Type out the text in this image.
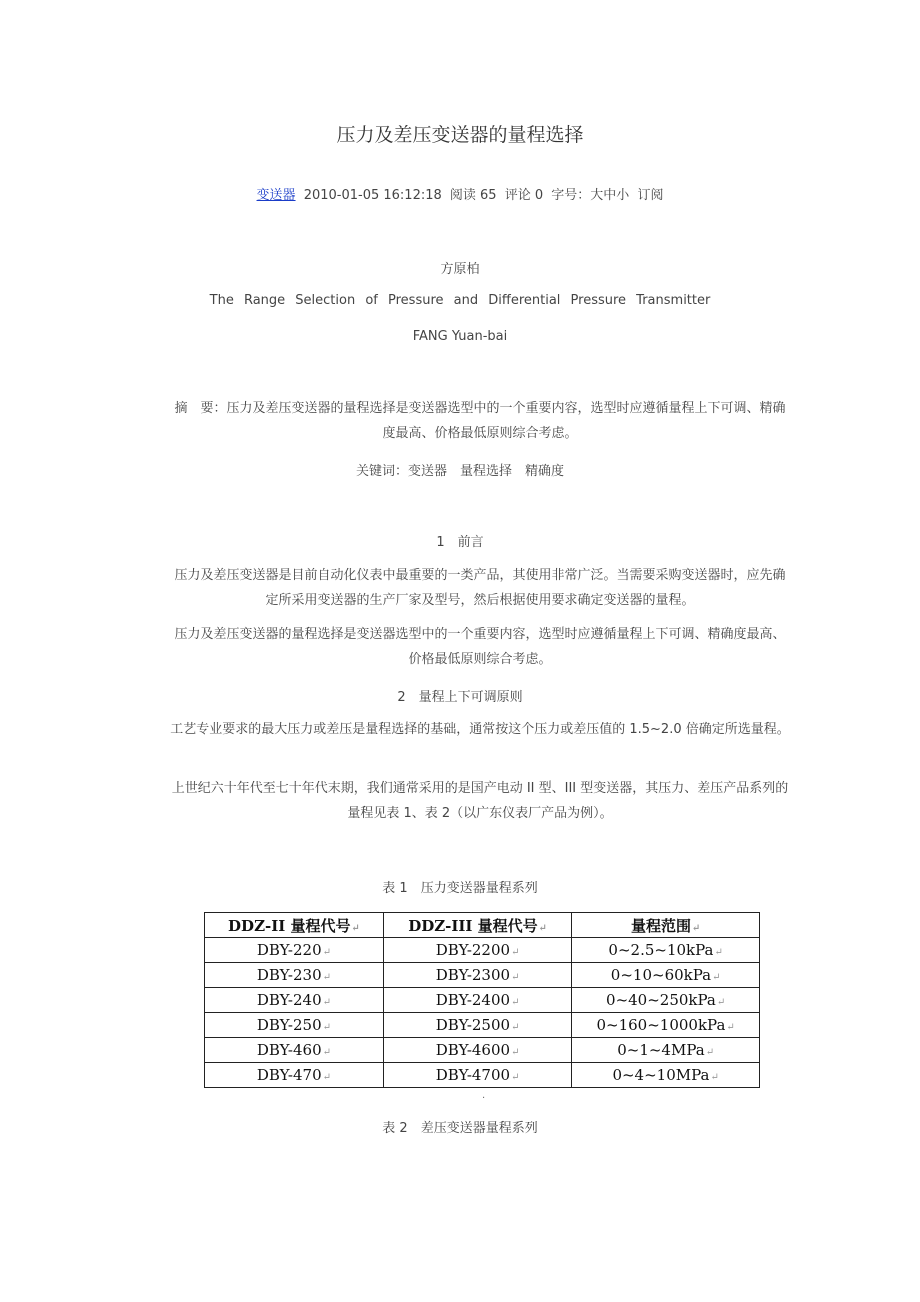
压力及差压变送器的量程选择
变送器 2010-01-05 16:12:18 阅读 65 评论 0 字号：大中小 订阅
方原柏
The Range Selection of Pressure and Differential Pressure Transmitter
FANG Yuan-bai
摘　要：压力及差压变送器的量程选择是变送器选型中的一个重要内容，选型时应遵循量程上下可调、精确度最高、价格最低原则综合考虑。
关键词：变送器　量程选择　精确度
1　前言
压力及差压变送器是目前自动化仪表中最重要的一类产品，其使用非常广泛。当需要采购变送器时，应先确定所采用变送器的生产厂家及型号，然后根据使用要求确定变送器的量程。
压力及差压变送器的量程选择是变送器选型中的一个重要内容，选型时应遵循量程上下可调、精确度最高、价格最低原则综合考虑。
2　量程上下可调原则
工艺专业要求的最大压力或差压是量程选择的基础，通常按这个压力或差压值的 1.5~2.0 倍确定所选量程。
上世纪六十年代至七十年代末期，我们通常采用的是国产电动 II 型、III 型变送器，其压力、差压产品系列的量程见表 1、表 2（以广东仪表厂产品为例）。
表 1　压力变送器量程系列
DDZ-II 量程代号↵	DDZ-III 量程代号↵	量程范围↵
DBY-220↵	DBY-2200↵	0~2.5~10kPa↵
DBY-230↵	DBY-2300↵	0~10~60kPa↵
DBY-240↵	DBY-2400↵	0~40~250kPa↵
DBY-250↵	DBY-2500↵	0~160~1000kPa↵
DBY-460↵	DBY-4600↵	0~1~4MPa↵
DBY-470↵	DBY-4700↵	0~4~10MPa↵
.
表 2　差压变送器量程系列
